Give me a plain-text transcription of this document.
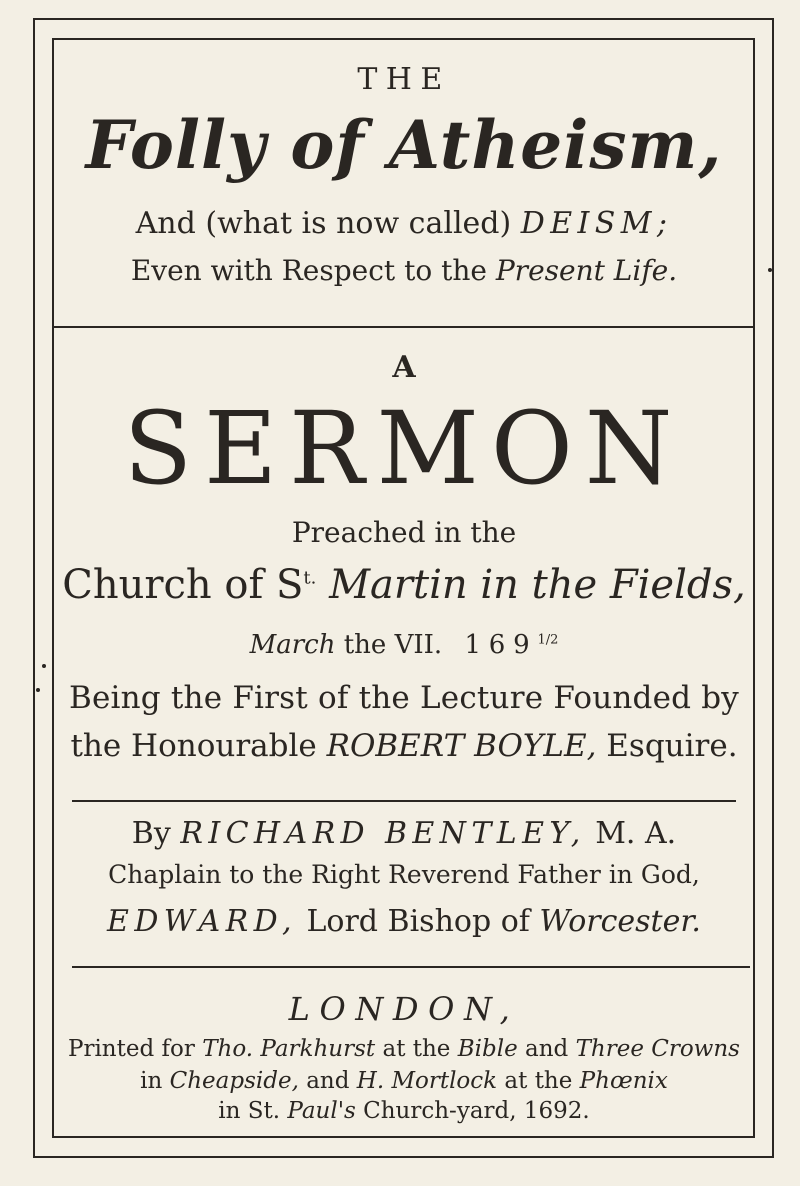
THE
Folly of Atheism,
And (what is now called) DEISM;
Even with Respect to the Present Life.
A
SERMON
Preached in the
Church of $S^{t.}$ Martin in the Fields,
March the VII. $169^{1/2}$
Being the First of the Lecture Founded by
the Honourable ROBERT BOYLE, Esquire.
By RICHARD BENTLEY, M. A.
Chaplain to the Right Reverend Father in God,
EDWARD, Lord Bishop of Worcester.
LONDON,
Printed for Tho. Parkhurst at the Bible and Three Crowns
in Cheapside, and H. Mortlock at the Phœnix
in St. Paul's Church-yard, 1692.
